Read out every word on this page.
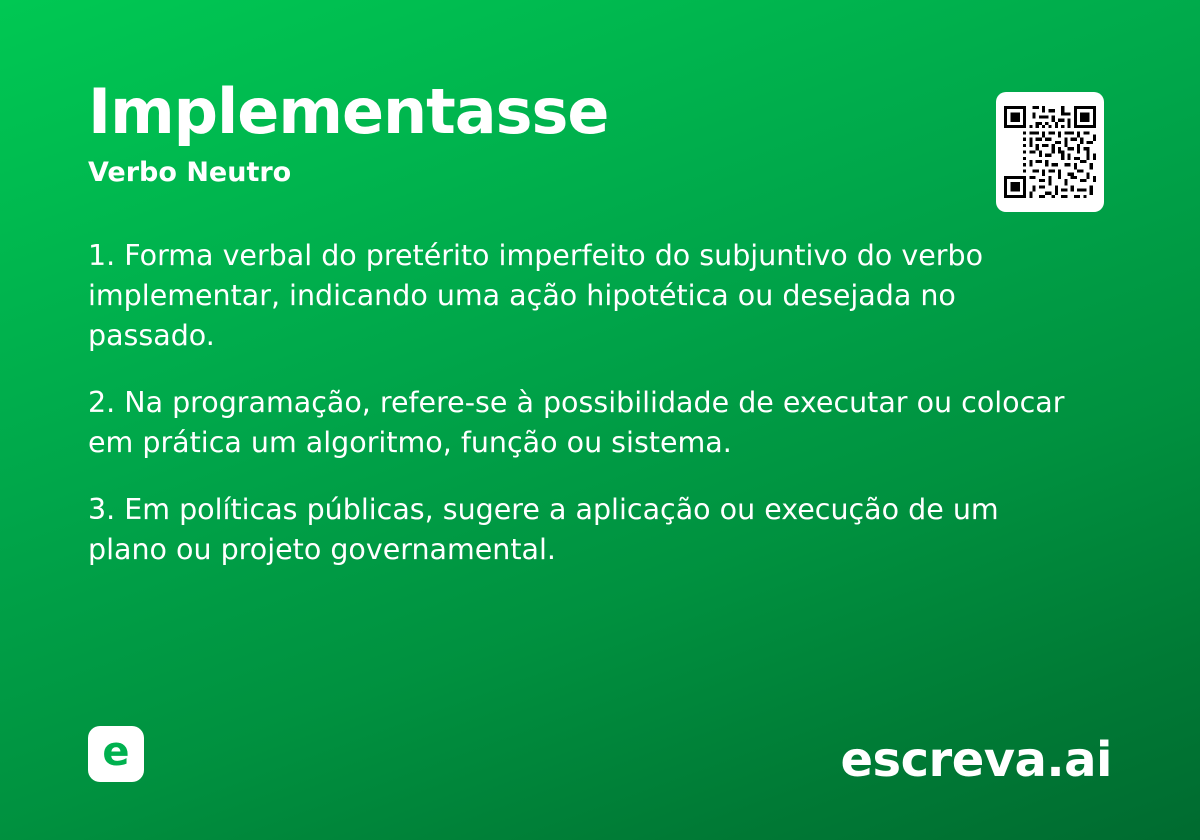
Implementasse
Verbo Neutro
1. Forma verbal do pretérito imperfeito do subjuntivo do verbo implementar, indicando uma ação hipotética ou desejada no passado.
2. Na programação, refere-se à possibilidade de executar ou colocar em prática um algoritmo, função ou sistema.
3. Em políticas públicas, sugere a aplicação ou execução de um plano ou projeto governamental.
e	escreva.ai
